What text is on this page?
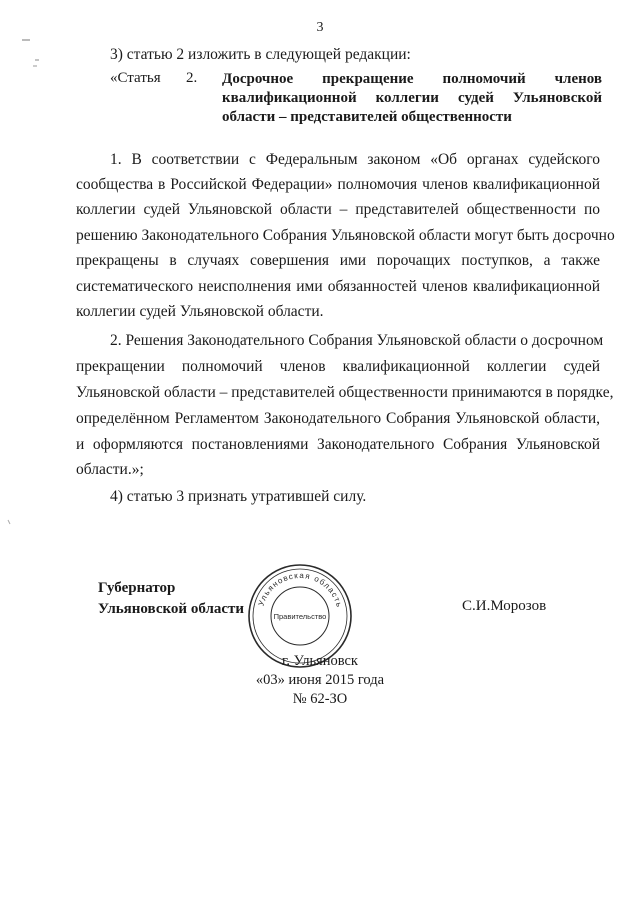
3
3) статью 2 изложить в следующей редакции:
«Статья 2. Досрочное прекращение полномочий членов
квалификационной коллегии судей Ульяновской
области – представителей общественности
1. В соответствии с Федеральным законом «Об органах судейского
сообщества в Российской Федерации» полномочия членов квалификационной
коллегии судей Ульяновской области – представителей общественности по
решению Законодательного Собрания Ульяновской области могут быть досрочно
прекращены в случаях совершения ими порочащих поступков, а также
систематического неисполнения ими обязанностей членов квалификационной
коллегии судей Ульяновской области.
2. Решения Законодательного Собрания Ульяновской области о досрочном
прекращении полномочий членов квалификационной коллегии судей
Ульяновской области – представителей общественности принимаются в порядке,
определённом Регламентом Законодательного Собрания Ульяновской области,
и оформляются постановлениями Законодательного Собрания Ульяновской
области.»;
4) статью 3 признать утратившей силу.
Губернатор
Ульяновской области Ульяновская область
Правительство
С.И.Морозов
г. Ульяновск
«03» июня 2015 года
№ 62-ЗО
